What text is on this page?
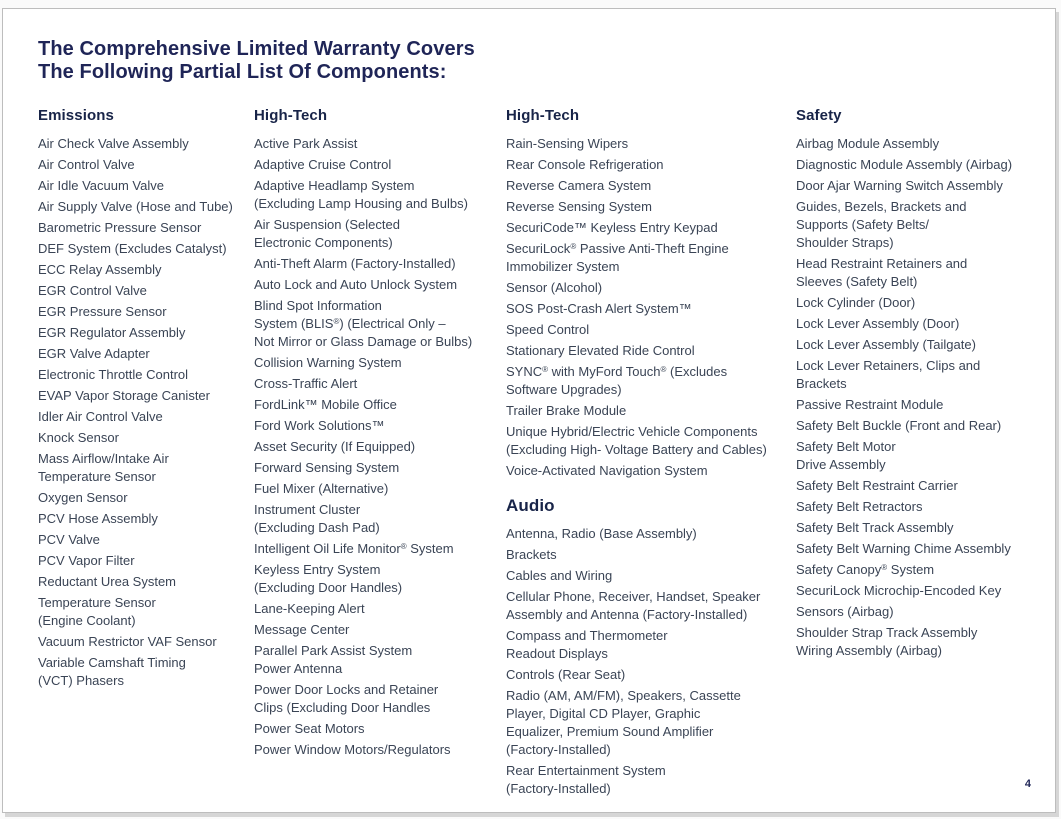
The Comprehensive Limited Warranty Covers
The Following Partial List Of Components:
Emissions
Air Check Valve Assembly
Air Control Valve
Air Idle Vacuum Valve
Air Supply Valve (Hose and Tube)
Barometric Pressure Sensor
DEF System (Excludes Catalyst)
ECC Relay Assembly
EGR Control Valve
EGR Pressure Sensor
EGR Regulator Assembly
EGR Valve Adapter
Electronic Throttle Control
EVAP Vapor Storage Canister
Idler Air Control Valve
Knock Sensor
Mass Airflow/Intake Air
Temperature Sensor
Oxygen Sensor
PCV Hose Assembly
PCV Valve
PCV Vapor Filter
Reductant Urea System
Temperature Sensor
(Engine Coolant)
Vacuum Restrictor VAF Sensor
Variable Camshaft Timing
(VCT) Phasers
High-Tech
Active Park Assist
Adaptive Cruise Control
Adaptive Headlamp System
(Excluding Lamp Housing and Bulbs)
Air Suspension (Selected
Electronic Components)
Anti-Theft Alarm (Factory-Installed)
Auto Lock and Auto Unlock System
Blind Spot Information
System (BLIS®) (Electrical Only –
Not Mirror or Glass Damage or Bulbs)
Collision Warning System
Cross-Traffic Alert
FordLink™ Mobile Office
Ford Work Solutions™
Asset Security (If Equipped)
Forward Sensing System
Fuel Mixer (Alternative)
Instrument Cluster
(Excluding Dash Pad)
Intelligent Oil Life Monitor® System
Keyless Entry System
(Excluding Door Handles)
Lane-Keeping Alert
Message Center
Parallel Park Assist System
Power Antenna
Power Door Locks and Retainer
Clips (Excluding Door Handles
Power Seat Motors
Power Window Motors/Regulators
High-Tech
Rain-Sensing Wipers
Rear Console Refrigeration
Reverse Camera System
Reverse Sensing System
SecuriCode™ Keyless Entry Keypad
SecuriLock® Passive Anti-Theft Engine
Immobilizer System
Sensor (Alcohol)
SOS Post-Crash Alert System™
Speed Control
Stationary Elevated Ride Control
SYNC® with MyFord Touch® (Excludes
Software Upgrades)
Trailer Brake Module
Unique Hybrid/Electric Vehicle Components
(Excluding High- Voltage Battery and Cables)
Voice-Activated Navigation System
Audio
Antenna, Radio (Base Assembly)
Brackets
Cables and Wiring
Cellular Phone, Receiver, Handset, Speaker
Assembly and Antenna (Factory-Installed)
Compass and Thermometer
Readout Displays
Controls (Rear Seat)
Radio (AM, AM/FM), Speakers, Cassette
Player, Digital CD Player, Graphic
Equalizer, Premium Sound Amplifier
(Factory-Installed)
Rear Entertainment System
(Factory-Installed)
Safety
Airbag Module Assembly
Diagnostic Module Assembly (Airbag)
Door Ajar Warning Switch Assembly
Guides, Bezels, Brackets and
Supports (Safety Belts/
Shoulder Straps)
Head Restraint Retainers and
Sleeves (Safety Belt)
Lock Cylinder (Door)
Lock Lever Assembly (Door)
Lock Lever Assembly (Tailgate)
Lock Lever Retainers, Clips and
Brackets
Passive Restraint Module
Safety Belt Buckle (Front and Rear)
Safety Belt Motor
Drive Assembly
Safety Belt Restraint Carrier
Safety Belt Retractors
Safety Belt Track Assembly
Safety Belt Warning Chime Assembly
Safety Canopy® System
SecuriLock Microchip-Encoded Key
Sensors (Airbag)
Shoulder Strap Track Assembly
Wiring Assembly (Airbag)
4
